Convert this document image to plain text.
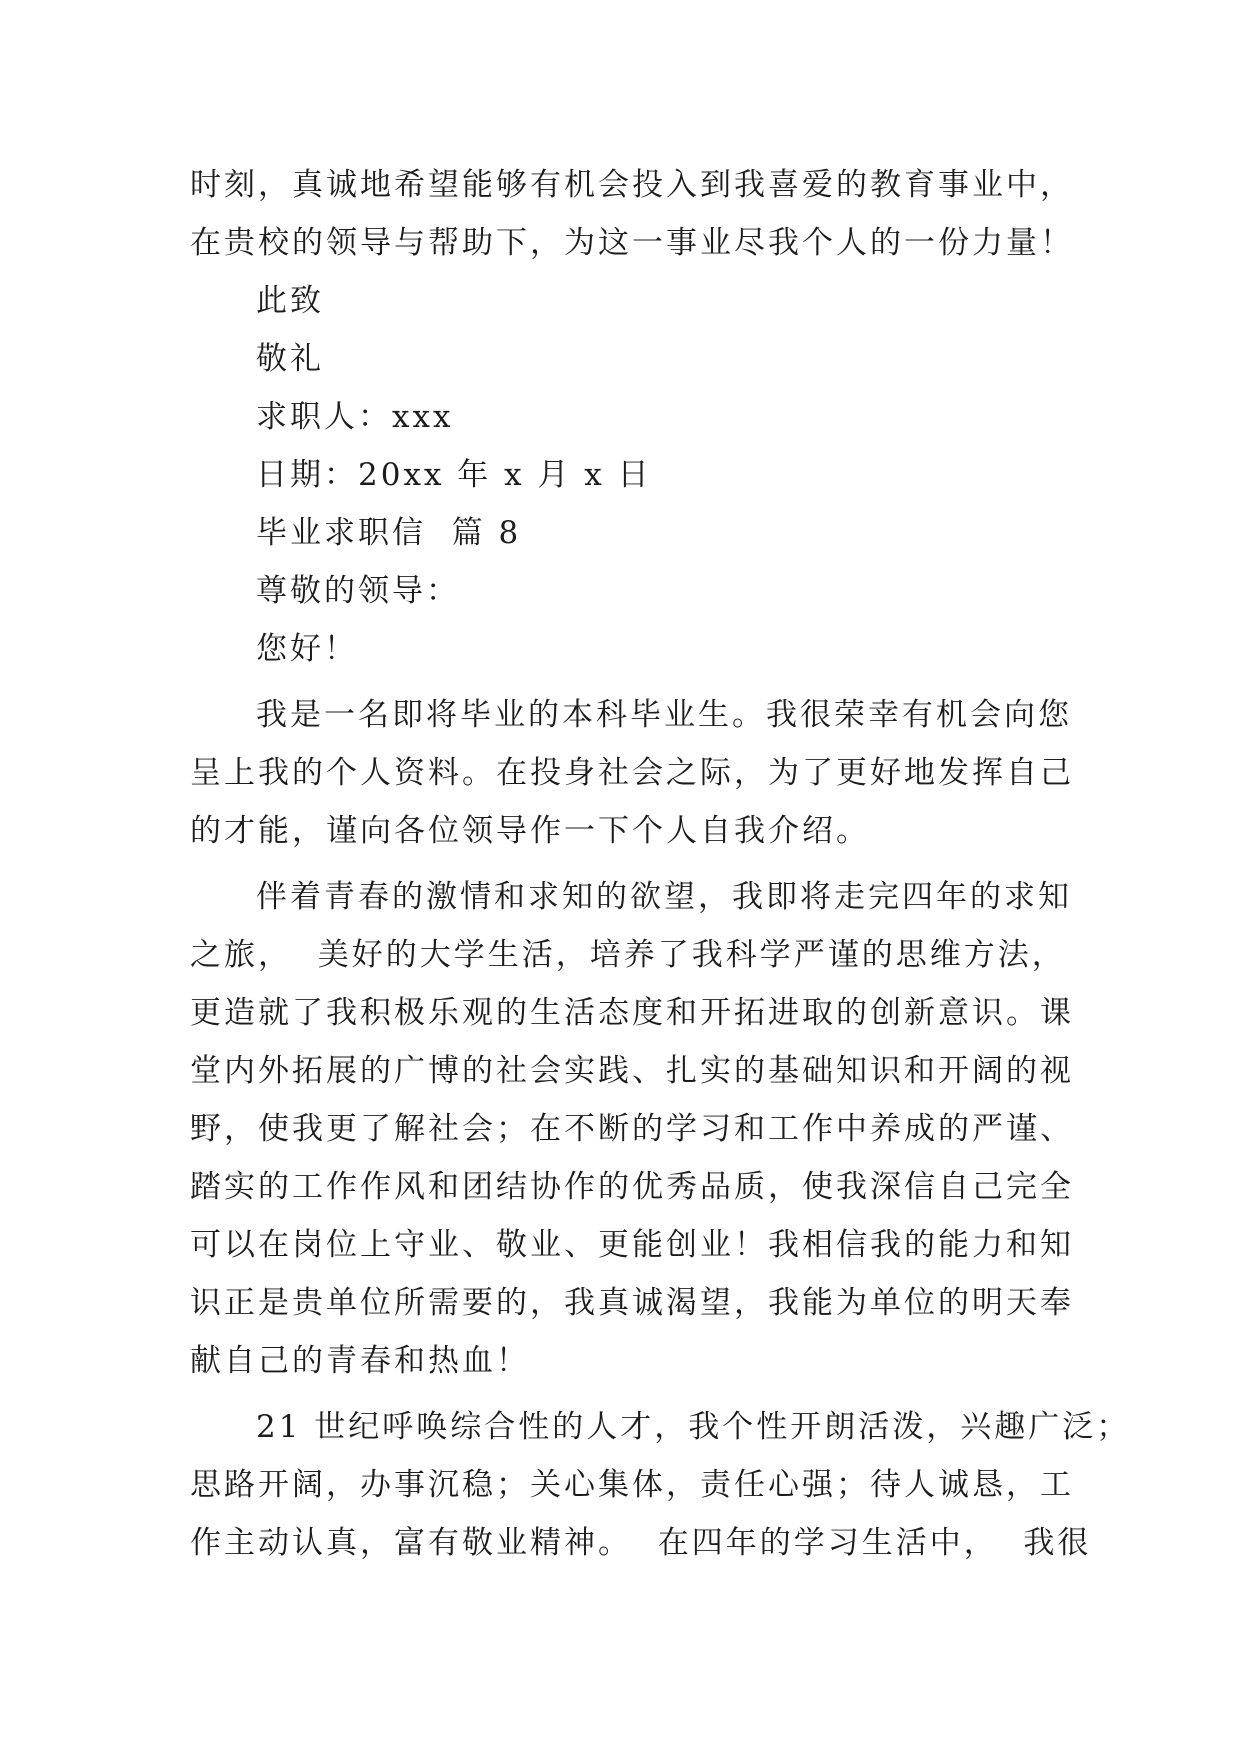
时刻，真诚地希望能够有机会投入到我喜爱的教育事业中，
在贵校的领导与帮助下，为这一事业尽我个人的一份力量！
此致
敬礼
求职人：xxx
日期：20xx 年 x 月 x 日
毕业求职信  篇 8
尊敬的领导：
您好！
我是一名即将毕业的本科毕业生。我很荣幸有机会向您
呈上我的个人资料。在投身社会之际，为了更好地发挥自己
的才能，谨向各位领导作一下个人自我介绍。
伴着青春的激情和求知的欲望，我即将走完四年的求知
之旅，  美好的大学生活，培养了我科学严谨的思维方法，
更造就了我积极乐观的生活态度和开拓进取的创新意识。课
堂内外拓展的广博的社会实践、扎实的基础知识和开阔的视
野，使我更了解社会；在不断的学习和工作中养成的严谨、
踏实的工作作风和团结协作的优秀品质，使我深信自己完全
可以在岗位上守业、敬业、更能创业！我相信我的能力和知
识正是贵单位所需要的，我真诚渴望，我能为单位的明天奉
献自己的青春和热血！
21 世纪呼唤综合性的人才，我个性开朗活泼，兴趣广泛；
思路开阔，办事沉稳；关心集体，责任心强；待人诚恳，工
作主动认真，富有敬业精神。  在四年的学习生活中，  我很
